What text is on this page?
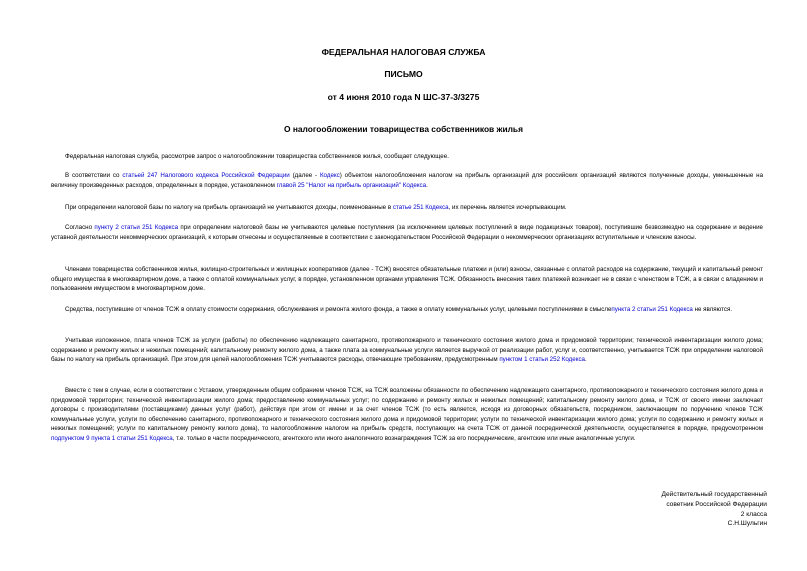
ФЕДЕРАЛЬНАЯ НАЛОГОВАЯ СЛУЖБА
ПИСЬМО
от 4 июня 2010 года N ШС-37-3/3275
О налогообложении товарищества собственников жилья

Федеральная налоговая служба, рассмотрев запрос о налогообложении товарищества собственников жилья, сообщает следующее.

В соответствии со статьей 247 Налогового кодекса Российской Федерации (далее - Кодекс) объектом налогообложения налогом на прибыль организаций для российских организаций являются полученные доходы, уменьшенные на величину произведенных расходов, определенных в порядке, установленном главой 25 "Налог на прибыль организаций" Кодекса.

При определении налоговой базы по налогу на прибыль организаций не учитываются доходы, поименованные в статье 251 Кодекса, их перечень является исчерпывающим.

Согласно пункту 2 статьи 251 Кодекса при определении налоговой базы не учитываются целевые поступления (за исключением целевых поступлений в виде подакцизных товаров), поступившие безвозмездно на содержание и ведение уставной деятельности некоммерческих организаций, к которым отнесены и осуществляемые в соответствии с законодательством Российской Федерации о некоммерческих организациях вступительные и членские взносы.

Членами товарищества собственников жилья, жилищно-строительных и жилищных кооперативов (далее - ТСЖ) вносятся обязательные платежи и (или) взносы, связанные с оплатой расходов на содержание, текущий и капитальный ремонт общего имущества в многоквартирном доме, а также с оплатой коммунальных услуг, в порядке, установленном органами управления ТСЖ. Обязанность внесения таких платежей возникает не в связи с членством в ТСЖ, а в связи с владением и пользованием имуществом в многоквартирном доме.

Средства, поступившие от членов ТСЖ в оплату стоимости содержания, обслуживания и ремонта жилого фонда, а также в оплату коммунальных услуг, целевыми поступлениями в смыслепункта 2 статьи 251 Кодекса не являются.

Учитывая изложенное, плата членов ТСЖ за услуги (работы) по обеспечению надлежащего санитарного, противопожарного и технического состояния жилого дома и придомовой территории; технической инвентаризации жилого дома; содержанию и ремонту жилых и нежилых помещений; капитальному ремонту жилого дома, а также плата за коммунальные услуги является выручкой от реализации работ, услуг и, соответственно, учитывается ТСЖ при определении налоговой базы по налогу на прибыль организаций. При этом для целей налогообложения ТСЖ учитываются расходы, отвечающие требованиям, предусмотренным пунктом 1 статьи 252 Кодекса.

Вместе с тем в случае, если в соответствии с Уставом, утвержденным общим собранием членов ТСЖ, на ТСЖ возложены обязанности по обеспечению надлежащего санитарного, противопожарного и технического состояния жилого дома и придомовой территории; технической инвентаризации жилого дома; предоставлению коммунальных услуг; по содержанию и ремонту жилых и нежилых помещений; капитальному ремонту жилого дома, и ТСЖ от своего имени заключает договоры с производителями (поставщиками) данных услуг (работ), действуя при этом от имени и за счет членов ТСЖ (то есть является, исходя из договорных обязательств, посредником, заключающим по поручению членов ТСЖ коммунальные услуги, услуги по обеспечению санитарного, противопожарного и технического состояния жилого дома и придомовой территории; услуги по технической инвентаризации жилого дома; услуги по содержанию и ремонту жилых и нежилых помещений; услуги по капитальному ремонту жилого дома), то налогообложение налогом на прибыль средств, поступающих на счета ТСЖ от данной посреднической деятельности, осуществляется в порядке, предусмотренном подпунктом 9 пункта 1 статьи 251 Кодекса, т.е. только в части посреднического, агентского или иного аналогичного вознаграждения ТСЖ за его посреднические, агентские или иные аналогичные услуги.

Действительный государственный
советник Российской Федерации
2 класса
С.Н.Шульгин
